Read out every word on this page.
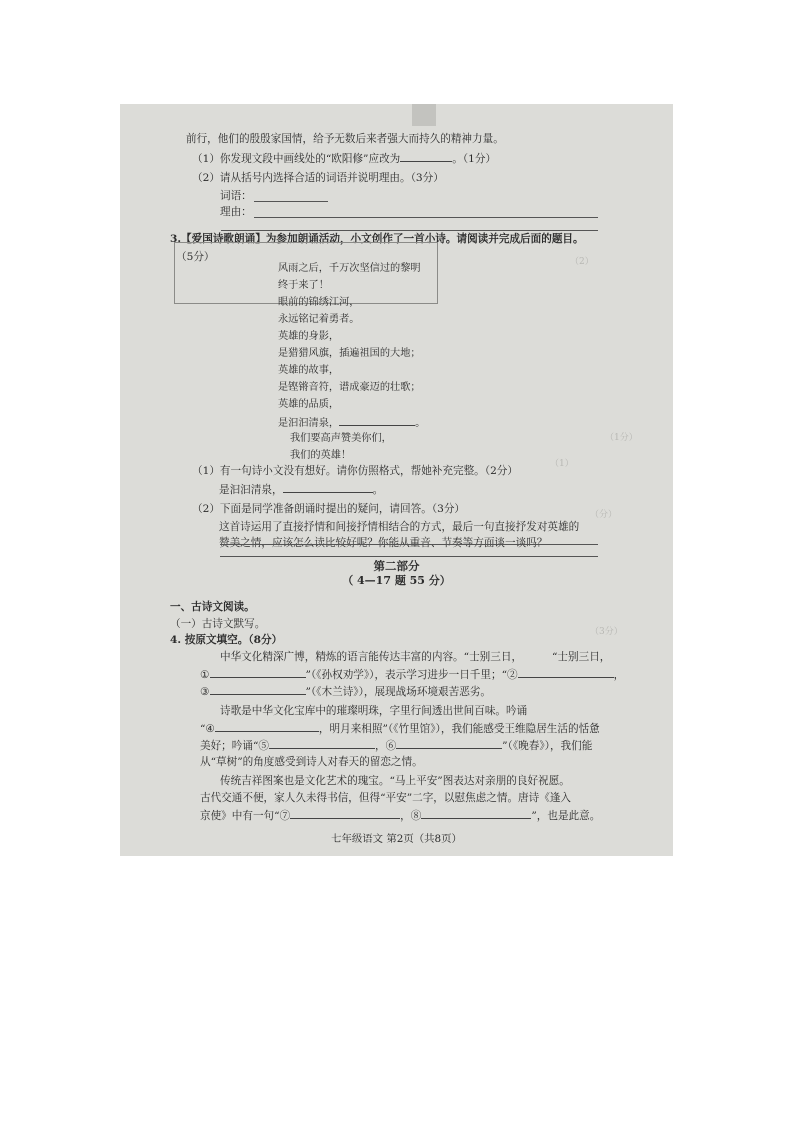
（2）
（1分）
（1）
（分）
（3分）
前行，他们的殷殷家国情，给予无数后来者强大而持久的精神力量。
（1）你发现文段中画线处的“欧阳修”应改为	。（1分）
（2）请从括号内选择合适的词语并说明理由。（3分）
词语：
理由：
3.【爱国诗歌朗诵】为参加朗诵活动，小文创作了一首小诗。请阅读并完成后面的题目。
（5分）
风雨之后，千万次坚信过的黎明
终于来了！
眼前的锦绣江河，
永远铭记着勇者。
英雄的身影，
是猎猎风旗，插遍祖国的大地；
英雄的故事，
是铿锵音符，谱成豪迈的壮歌；
英雄的品质，
是汩汩清泉，	。
我们要高声赞美你们，
我们的英雄！
（1）有一句诗小文没有想好。请你仿照格式，帮她补充完整。（2分）
是汩汩清泉，	。
（2）下面是同学准备朗诵时提出的疑问，请回答。（3分）
这首诗运用了直接抒情和间接抒情相结合的方式，最后一句直接抒发对英雄的
赞美之情，应该怎么读比较好呢？你能从重音、节奏等方面谈一谈吗？
第二部分
（ 4—17 题 55 分）
一、古诗文阅读。
（一）古诗文默写。
4. 按原文填空。（8分）
中华文化精深广博，精炼的语言能传达丰富的内容。“士别三日，	“士别三日，
①	”（《孙权劝学》），表示学习进步一日千里；“②	，
③	”（《木兰诗》），展现战场环境艰苦恶劣。
诗歌是中华文化宝库中的璀璨明珠，字里行间透出世间百味。吟诵
“④	，明月来相照”（《竹里馆》），我们能感受王维隐居生活的恬惫
美好；吟诵“⑤	，⑥	”（《晚春》），我们能
从“草树”的角度感受到诗人对春天的留恋之情。
传统吉祥图案也是文化艺术的瑰宝。“马上平安”图表达对亲朋的良好祝愿。
古代交通不便，家人久未得书信，但得“平安”二字，以慰焦虑之情。唐诗《逢入
京使》中有一句“⑦	，⑧	”，也是此意。
七年级语文 第2页（共8页）
